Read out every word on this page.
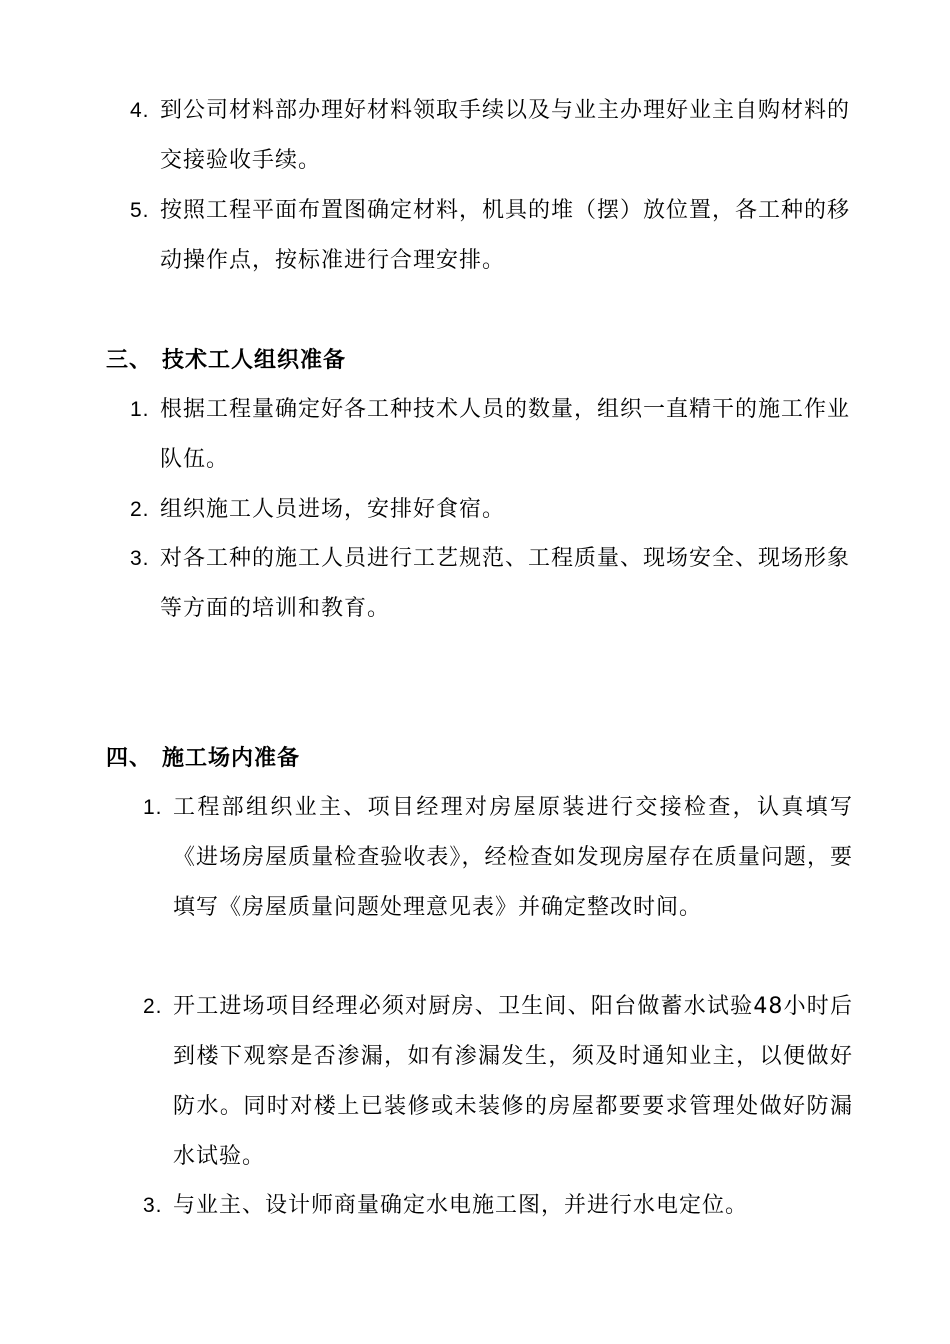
4. 到公司材料部办理好材料领取手续以及与业主办理好业主自购材料的交接验收手续。
5. 按照工程平面布置图确定材料，机具的堆（摆）放位置，各工种的移动操作点，按标准进行合理安排。
三、 技术工人组织准备
1. 根据工程量确定好各工种技术人员的数量，组织一直精干的施工作业队伍。
2. 组织施工人员进场，安排好食宿。
3. 对各工种的施工人员进行工艺规范、工程质量、现场安全、现场形象等方面的培训和教育。
四、 施工场内准备
1. 工程部组织业主、项目经理对房屋原装进行交接检查，认真填写《进场房屋质量检查验收表》，经检查如发现房屋存在质量问题，要填写《房屋质量问题处理意见表》并确定整改时间。
2. 开工进场项目经理必须对厨房、卫生间、阳台做蓄水试验48小时后到楼下观察是否渗漏，如有渗漏发生，须及时通知业主，以便做好防水。同时对楼上已装修或未装修的房屋都要要求管理处做好防漏水试验。
3. 与业主、设计师商量确定水电施工图，并进行水电定位。
